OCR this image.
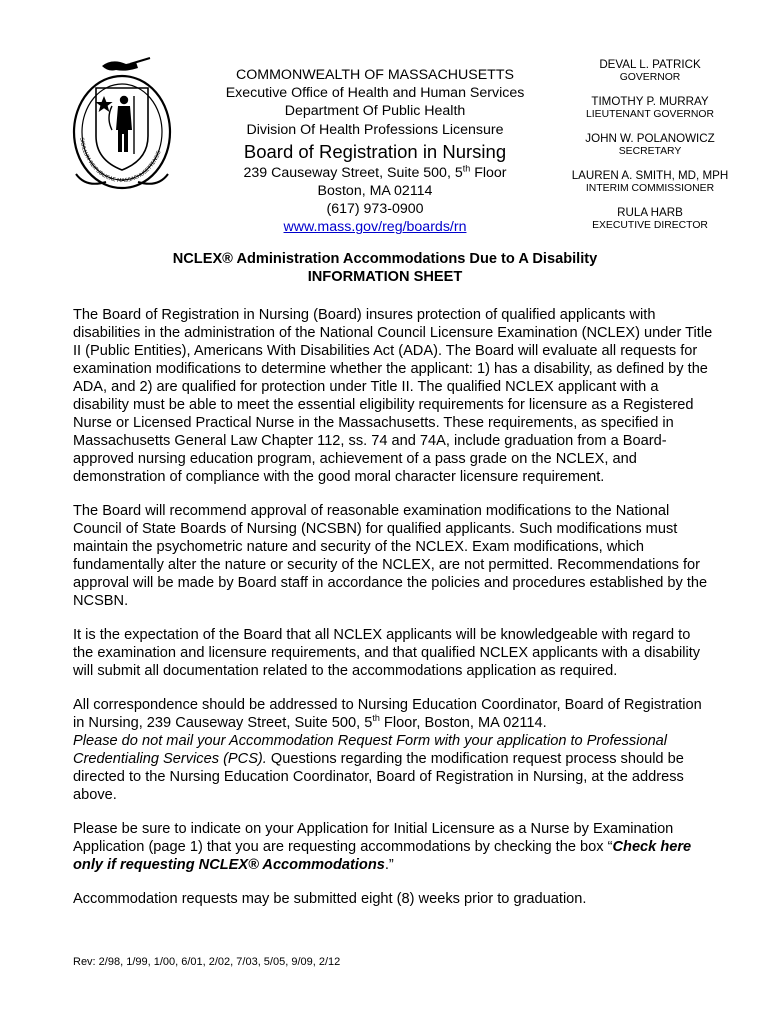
SIGILLUM REIPUBLICAE MASSACHUSETTENSIS
COMMONWEALTH OF MASSACHUSETTS
Executive Office of Health and Human Services
Department Of Public Health
Division Of Health Professions Licensure
Board of Registration in Nursing
239 Causeway Street, Suite 500, 5th Floor
Boston, MA 02114
(617) 973-0900
www.mass.gov/reg/boards/rn
DEVAL L. PATRICK
GOVERNOR
TIMOTHY P. MURRAY
LIEUTENANT GOVERNOR
JOHN W. POLANOWICZ
SECRETARY
LAUREN A. SMITH, MD, MPH
INTERIM COMMISSIONER
RULA HARB
EXECUTIVE DIRECTOR
NCLEX® Administration Accommodations Due to A Disability
INFORMATION SHEET

The Board of Registration in Nursing (Board) insures protection of qualified applicants with disabilities in the administration of the National Council Licensure Examination (NCLEX) under Title II (Public Entities), Americans With Disabilities Act (ADA). The Board will evaluate all requests for examination modifications to determine whether the applicant: 1) has a disability, as defined by the ADA, and 2) are qualified for protection under Title II. The qualified NCLEX applicant with a disability must be able to meet the essential eligibility requirements for licensure as a Registered Nurse or Licensed Practical Nurse in the Massachusetts. These requirements, as specified in Massachusetts General Law Chapter 112, ss. 74 and 74A, include graduation from a Board-approved nursing education program, achievement of a pass grade on the NCLEX, and demonstration of compliance with the good moral character licensure requirement.

The Board will recommend approval of reasonable examination modifications to the National Council of State Boards of Nursing (NCSBN) for qualified applicants. Such modifications must maintain the psychometric nature and security of the NCLEX. Exam modifications, which fundamentally alter the nature or security of the NCLEX, are not permitted. Recommendations for approval will be made by Board staff in accordance the policies and procedures established by the NCSBN.

It is the expectation of the Board that all NCLEX applicants will be knowledgeable with regard to the examination and licensure requirements, and that qualified NCLEX applicants with a disability will submit all documentation related to the accommodations application as required.

All correspondence should be addressed to Nursing Education Coordinator, Board of Registration in Nursing, 239 Causeway Street, Suite 500, 5th Floor, Boston, MA 02114.
Please do not mail your Accommodation Request Form with your application to Professional Credentialing Services (PCS). Questions regarding the modification request process should be directed to the Nursing Education Coordinator, Board of Registration in Nursing, at the address above.

Please be sure to indicate on your Application for Initial Licensure as a Nurse by Examination Application (page 1) that you are requesting accommodations by checking the box “Check here only if requesting NCLEX® Accommodations.”

Accommodation requests may be submitted eight (8) weeks prior to graduation.

Rev: 2/98, 1/99, 1/00, 6/01, 2/02, 7/03, 5/05, 9/09, 2/12
